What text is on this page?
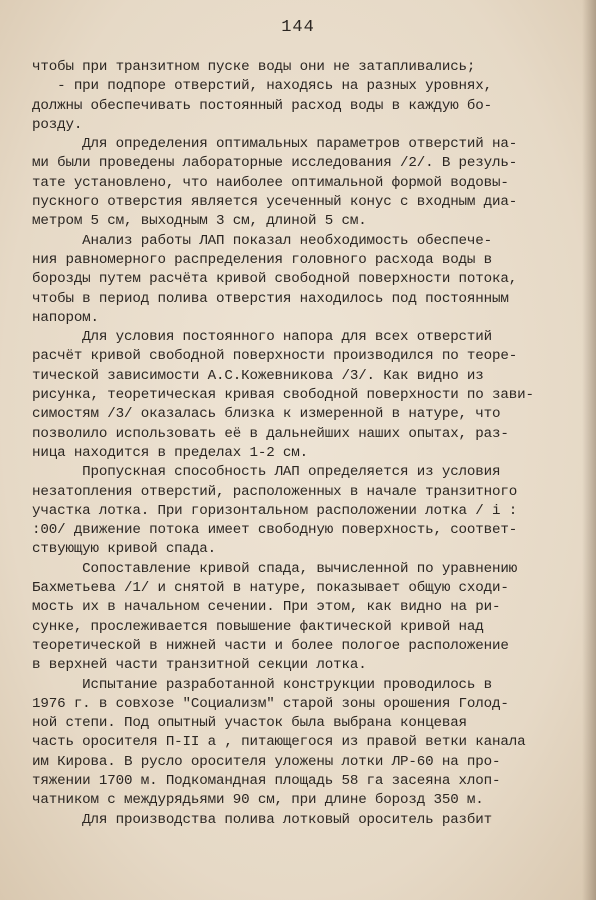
144
чтобы при транзитном пуске воды они не затапливались;
- при подпоре отверстий, находясь на разных уровнях,
должны обеспечивать постоянный расход воды в каждую бо-
розду.
Для определения оптимальных параметров отверстий на-
ми были проведены лабораторные исследования /2/. В резуль-
тате установлено, что наиболее оптимальной формой водовы-
пускного отверстия является усеченный конус с входным диа-
метром 5 см, выходным 3 см, длиной 5 см.
Анализ работы ЛАП показал необходимость обеспече-
ния равномерного распределения головного расхода воды в
борозды путем расчёта кривой свободной поверхности потока,
чтобы в период полива отверстия находилось под постоянным
напором.
Для условия постоянного напора для всех отверстий
расчёт кривой свободной поверхности производился по теоре-
тической зависимости А.С.Кожевникова /3/. Как видно из
рисунка, теоретическая кривая свободной поверхности по зави-
симостям /3/ оказалась близка к измеренной в натуре, что
позволило использовать её в дальнейших наших опытах, раз-
ница находится в пределах 1-2 см.
Пропускная способность ЛАП определяется из условия
незатопления отверстий, расположенных в начале транзитного
участка лотка. При горизонтальном расположении лотка / i :
:00/ движение потока имеет свободную поверхность, соответ-
ствующую кривой спада.
Сопоставление кривой спада, вычисленной по уравнению
Бахметьева /1/ и снятой в натуре, показывает общую сходи-
мость их в начальном сечении. При этом, как видно на ри-
сунке, прослеживается повышение фактической кривой над
теоретической в нижней части и более пологое расположение
в верхней части транзитной секции лотка.
Испытание разработанной конструкции проводилось в
1976 г. в совхозе "Социализм" старой зоны орошения Голод-
ной степи. Под опытный участок была выбрана концевая
часть оросителя П-II а , питающегося из правой ветки канала
им Кирова. В русло оросителя уложены лотки ЛР-60 на про-
тяжении 1700 м. Подкомандная площадь 58 га засеяна хлоп-
чатником с междурядьями 90 см, при длине борозд 350 м.
Для производства полива лотковый ороситель разбит
